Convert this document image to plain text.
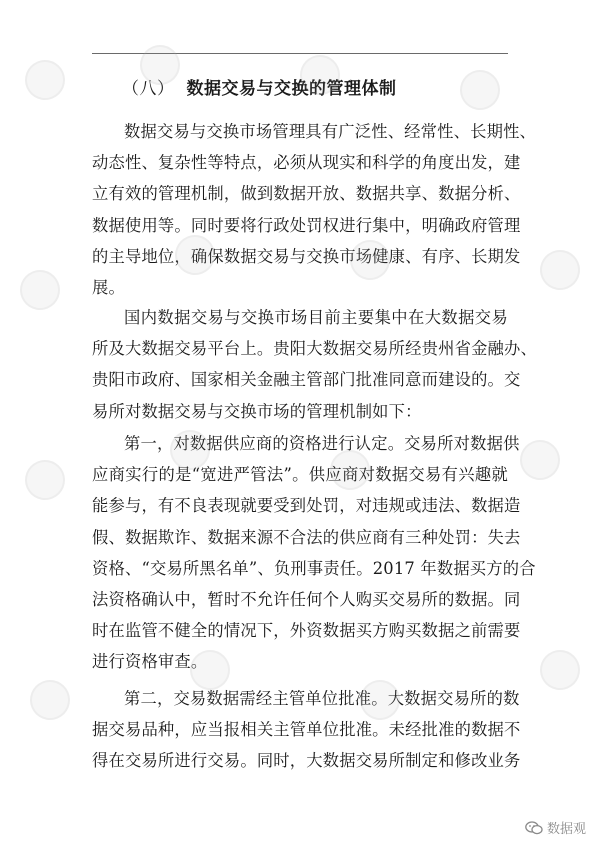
（八） 数据交易与交换的管理体制

数据交易与交换市场管理具有广泛性、经常性、长期性、

动态性、复杂性等特点，必须从现实和科学的角度出发，建

立有效的管理机制，做到数据开放、数据共享、数据分析、

数据使用等。同时要将行政处罚权进行集中，明确政府管理

的主导地位，确保数据交易与交换市场健康、有序、长期发

展。

国内数据交易与交换市场目前主要集中在大数据交易

所及大数据交易平台上。贵阳大数据交易所经贵州省金融办、

贵阳市政府、国家相关金融主管部门批准同意而建设的。交

易所对数据交易与交换市场的管理机制如下：

第一，对数据供应商的资格进行认定。交易所对数据供

应商实行的是“宽进严管法”。供应商对数据交易有兴趣就

能参与，有不良表现就要受到处罚，对违规或违法、数据造

假、数据欺诈、数据来源不合法的供应商有三种处罚：失去

资格、“交易所黑名单”、负刑事责任。2017 年数据买方的合

法资格确认中，暂时不允许任何个人购买交易所的数据。同

时在监管不健全的情况下，外资数据买方购买数据之前需要

进行资格审查。

第二，交易数据需经主管单位批准。大数据交易所的数

据交易品种，应当报相关主管单位批准。未经批准的数据不

得在交易所进行交易。同时，大数据交易所制定和修改业务

数据观
